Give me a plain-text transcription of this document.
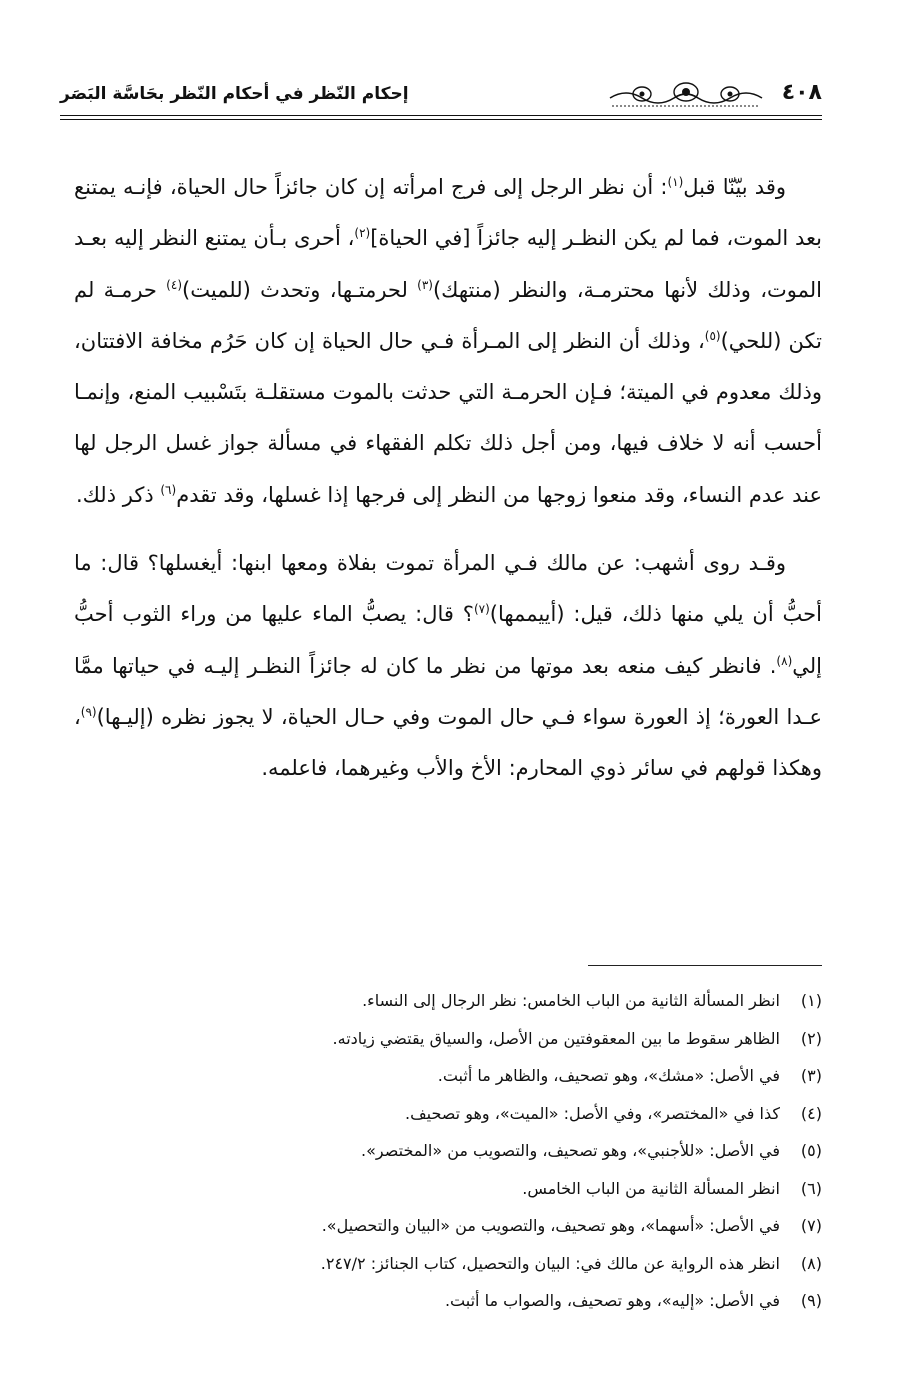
٤٠٨
إحكام النّظر في أحكام النّظر بحَاسَّة البَصَر

وقد بيّنّا قبل$^{(١)}$: أن نظر الرجل إلى فرج امرأته إن كان جائزاً حال الحياة، فإنـه يمتنع بعد الموت، فما لم يكن النظـر إليه جائزاً [في الحياة]$^{(٢)}$، أحرى بـأن يمتنع النظر إليه بعـد الموت، وذلك لأنها محترمـة، والنظر (منتهك)$^{(٣)}$ لحرمتـها، وتحدث (للميت)$^{(٤)}$ حرمـة لم تكن (للحي)$^{(٥)}$، وذلك أن النظر إلى المـرأة فـي حال الحياة إن كان حَرُم مخافة الافتتان، وذلك معدوم في الميتة؛ فـإن الحرمـة التي حدثت بالموت مستقلـة بتَسْبيب المنع، وإنمـا أحسب أنه لا خلاف فيها، ومن أجل ذلك تكلم الفقهاء في مسألة جواز غسل الرجل لها عند عدم النساء، وقد منعوا زوجها من النظر إلى فرجها إذا غسلها، وقد تقدم$^{(٦)}$ ذكر ذلك.

وقـد روى أشهب: عن مالك فـي المرأة تموت بفلاة ومعها ابنها: أيغسلها؟ قال: ما أحبُّ أن يلي منها ذلك، قيل: (أييممها)$^{(٧)}$؟ قال: يصبُّ الماء عليها من وراء الثوب أحبُّ إلي$^{(٨)}$. فانظر كيف منعه بعد موتها من نظر ما كان له جائزاً النظـر إليـه في حياتها ممَّا عـدا العورة؛ إذ العورة سواء فـي حال الموت وفي حـال الحياة، لا يجوز نظره (إليـها)$^{(٩)}$، وهكذا قولهم في سائر ذوي المحارم: الأخ والأب وغيرهما، فاعلمه.

(١)انظر المسألة الثانية من الباب الخامس: نظر الرجال إلى النساء.
(٢)الظاهر سقوط ما بين المعقوفتين من الأصل، والسياق يقتضي زيادته.
(٣)في الأصل: «مشك»، وهو تصحيف، والظاهر ما أثبت.
(٤)كذا في «المختصر»، وفي الأصل: «الميت»، وهو تصحيف.
(٥)في الأصل: «للأجنبي»، وهو تصحيف، والتصويب من «المختصر».
(٦)انظر المسألة الثانية من الباب الخامس.
(٧)في الأصل: «أسهما»، وهو تصحيف، والتصويب من «البيان والتحصيل».
(٨)انظر هذه الرواية عن مالك في: البيان والتحصيل، كتاب الجنائز: ٢٤٧/٢.
(٩)في الأصل: «إليه»، وهو تصحيف، والصواب ما أثبت.
